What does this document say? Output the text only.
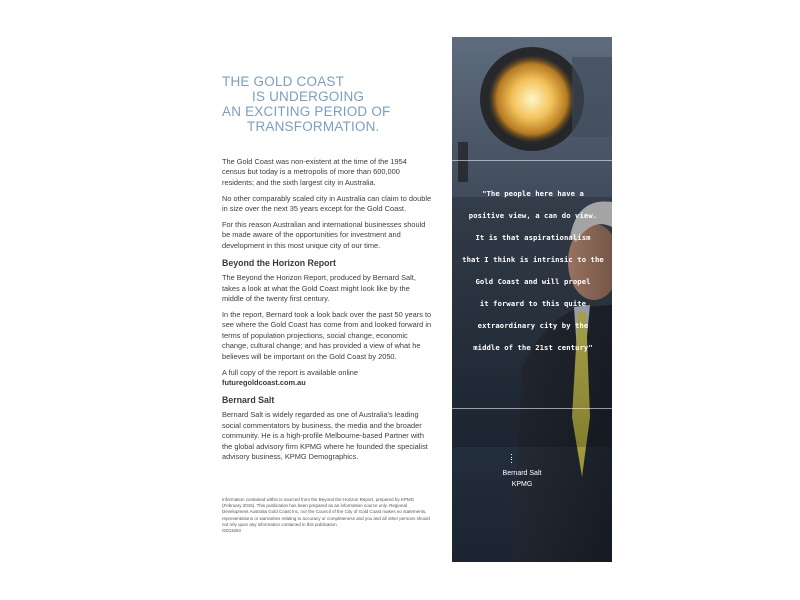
THE GOLD COAST
IS UNDERGOING
AN EXCITING PERIOD OF
TRANSFORMATION.

The Gold Coast was non-existent at the time of the 1954 census but today is a metropolis of more than 600,000 residents; and the sixth largest city in Australia.

No other comparably scaled city in Australia can claim to double in size over the next 35 years except for the Gold Coast.

For this reason Australian and international businesses should be made aware of the opportunities for investment and development in this most unique city of our time.

Beyond the Horizon Report

The Beyond the Horizon Report, produced by Bernard Salt, takes a look at what the Gold Coast might look like by the middle of the twenty first century.

In the report, Bernard took a look back over the past 50 years to see where the Gold Coast has come from and looked forward in terms of population projections, social change, economic change, cultural change; and has provided a view of what he believes will be important on the Gold Coast by 2050.

A full copy of the report is available online
futuregoldcoast.com.au

Bernard Salt

Bernard Salt is widely regarded as one of Australia's leading social commentators by business, the media and the broader community. He is a high-profile Melbourne-based Partner with the global advisory firm KPMG where he founded the specialist advisory business, KPMG Demographics.

Information contained within is sourced from the Beyond the Horizon Report, prepared by KPMG (February 2015). This publication has been prepared as an information source only. Regional Development Australia Gold Coast Inc, nor the Council of the City of Gold Coast makes no statements, representations or warranties relating to accuracy or completeness and you and all other persons should not rely upon any information contained in this publication.

GD11603

"The people here have a
positive view, a can do view.
It is that aspirationalism
that I think is intrinsic to the
Gold Coast and will propel
it forward to this quite
extraordinary city by the
middle of the 21st century"
Bernard Salt
KPMG
